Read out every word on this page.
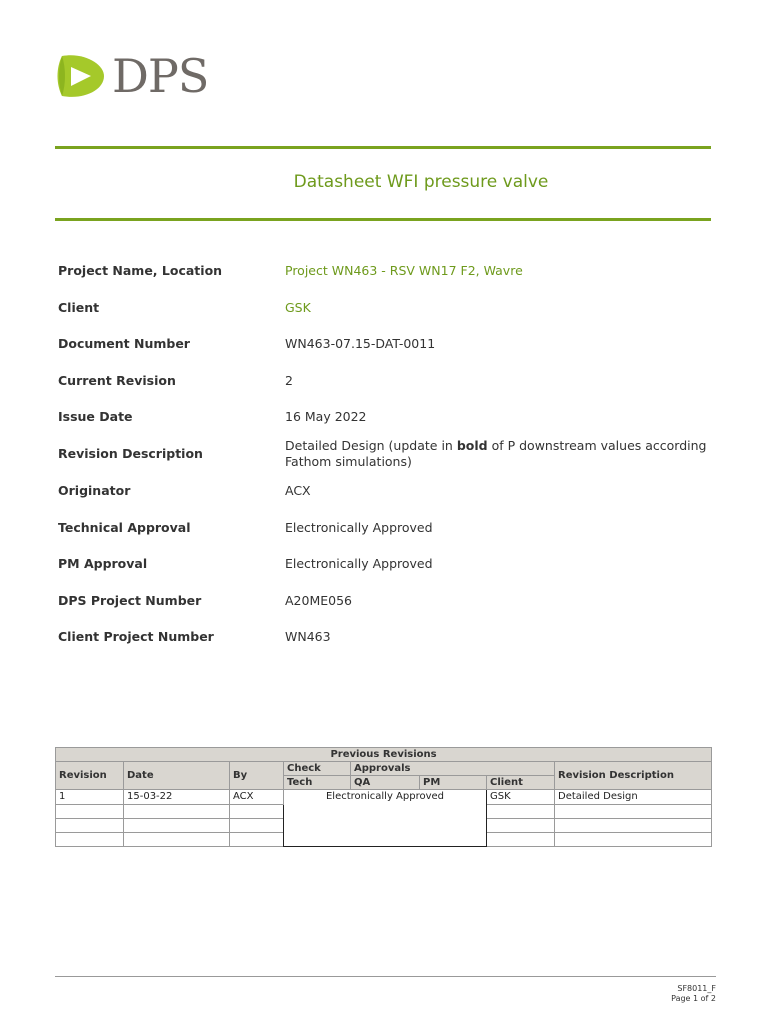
DPS
Datasheet WFI pressure valve
Project Name, Location	Project WN463 - RSV WN17 F2, Wavre
Client	GSK
Document Number	WN463-07.15-DAT-0011
Current Revision	2
Issue Date	16 May 2022
Revision Description
Detailed Design (update in bold of P downstream values according Fathom simulations)
Originator	ACX
Technical Approval	Electronically Approved
PM Approval	Electronically Approved
DPS Project Number	A20ME056
Client Project Number	WN463
Previous Revisions							
Revision	Date	By	Check	Approvals			Revision Description
			Tech	QA	PM	Client	
1	15-03-22	ACX	Electronically Approved			GSK	Detailed Design

SF8011_F
Page 1 of 2
